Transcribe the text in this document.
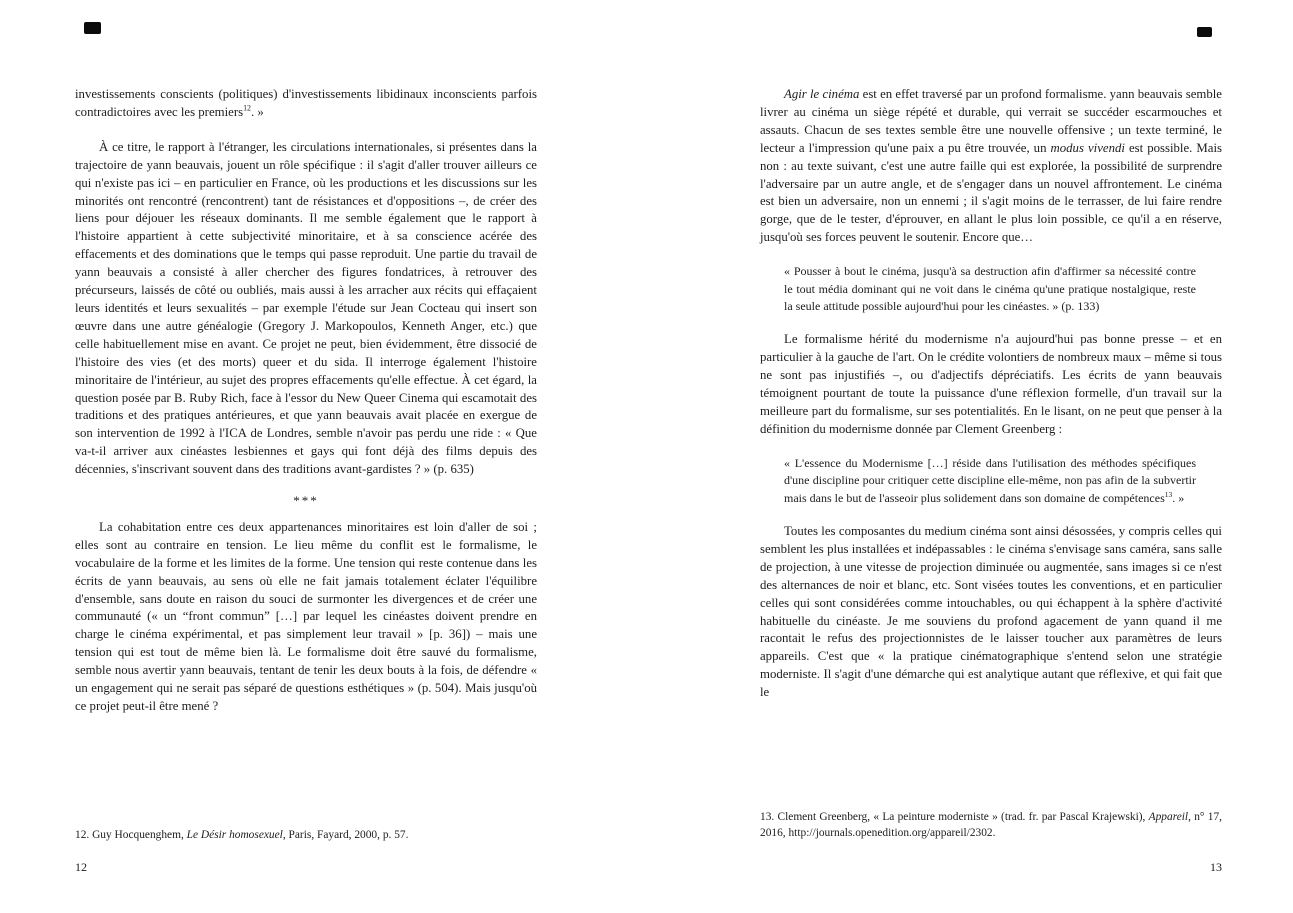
investissements conscients (politiques) d'investissements libidinaux inconscients parfois contradictoires avec les premiers$^{12}$. »

À ce titre, le rapport à l'étranger, les circulations internationales, si présentes dans la trajectoire de yann beauvais, jouent un rôle spécifique : il s'agit d'aller trouver ailleurs ce qui n'existe pas ici – en particulier en France, où les productions et les discussions sur les minorités ont rencontré (rencontrent) tant de résistances et d'oppositions –, de créer des liens pour déjouer les réseaux dominants. Il me semble également que le rapport à l'histoire appartient à cette subjectivité minoritaire, et à sa conscience acérée des effacements et des dominations que le temps qui passe reproduit. Une partie du travail de yann beauvais a consisté à aller chercher des figures fondatrices, à retrouver des précurseurs, laissés de côté ou oubliés, mais aussi à les arracher aux récits qui effaçaient leurs identités et leurs sexualités – par exemple l'étude sur Jean Cocteau qui insert son œuvre dans une autre généalogie (Gregory J. Markopoulos, Kenneth Anger, etc.) que celle habituellement mise en avant. Ce projet ne peut, bien évidemment, être dissocié de l'histoire des vies (et des morts) queer et du sida. Il interroge également l'histoire minoritaire de l'intérieur, au sujet des propres effacements qu'elle effectue. À cet égard, la question posée par B. Ruby Rich, face à l'essor du New Queer Cinema qui escamotait des traditions et des pratiques antérieures, et que yann beauvais avait placée en exergue de son intervention de 1992 à l'ICA de Londres, semble n'avoir pas perdu une ride : « Que va-t-il arriver aux cinéastes lesbiennes et gays qui font déjà des films depuis des décennies, s'inscrivant souvent dans des traditions avant-gardistes ? » (p. 635)

***

La cohabitation entre ces deux appartenances minoritaires est loin d'aller de soi ; elles sont au contraire en tension. Le lieu même du conflit est le formalisme, le vocabulaire de la forme et les limites de la forme. Une tension qui reste contenue dans les écrits de yann beauvais, au sens où elle ne fait jamais totalement éclater l'équilibre d'ensemble, sans doute en raison du souci de surmonter les divergences et de créer une communauté (« un “front commun” […] par lequel les cinéastes doivent prendre en charge le cinéma expérimental, et pas simplement leur travail » [p. 36]) – mais une tension qui est tout de même bien là. Le formalisme doit être sauvé du formalisme, semble nous avertir yann beauvais, tentant de tenir les deux bouts à la fois, de défendre « un engagement qui ne serait pas séparé de questions esthétiques » (p. 504). Mais jusqu'où ce projet peut-il être mené ?

Agir le cinéma est en effet traversé par un profond formalisme. yann beauvais semble livrer au cinéma un siège répété et durable, qui verrait se succéder escarmouches et assauts. Chacun de ses textes semble être une nouvelle offensive ; un texte terminé, le lecteur a l'impression qu'une paix a pu être trouvée, un modus vivendi est possible. Mais non : au texte suivant, c'est une autre faille qui est explorée, la possibilité de surprendre l'adversaire par un autre angle, et de s'engager dans un nouvel affrontement. Le cinéma est bien un adversaire, non un ennemi ; il s'agit moins de le terrasser, de lui faire rendre gorge, que de le tester, d'éprouver, en allant le plus loin possible, ce qu'il a en réserve, jusqu'où ses forces peuvent le soutenir. Encore que…

« Pousser à bout le cinéma, jusqu'à sa destruction afin d'affirmer sa nécessité contre le tout média dominant qui ne voit dans le cinéma qu'une pratique nostalgique, reste la seule attitude possible aujourd'hui pour les cinéastes. » (p. 133)

Le formalisme hérité du modernisme n'a aujourd'hui pas bonne presse – et en particulier à la gauche de l'art. On le crédite volontiers de nombreux maux – même si tous ne sont pas injustifiés –, ou d'adjectifs dépréciatifs. Les écrits de yann beauvais témoignent pourtant de toute la puissance d'une réflexion formelle, d'un travail sur la meilleure part du formalisme, sur ses potentialités. En le lisant, on ne peut que penser à la définition du modernisme donnée par Clement Greenberg :

« L'essence du Modernisme […] réside dans l'utilisation des méthodes spécifiques d'une discipline pour critiquer cette discipline elle-même, non pas afin de la subvertir mais dans le but de l'asseoir plus solidement dans son domaine de compétences$^{13}$. »

Toutes les composantes du medium cinéma sont ainsi désossées, y compris celles qui semblent les plus installées et indépassables : le cinéma s'envisage sans caméra, sans salle de projection, à une vitesse de projection diminuée ou augmentée, sans images si ce n'est des alternances de noir et blanc, etc. Sont visées toutes les conventions, et en particulier celles qui sont considérées comme intouchables, ou qui échappent à la sphère d'activité habituelle du cinéaste. Je me souviens du profond agacement de yann quand il me racontait le refus des projectionnistes de le laisser toucher aux paramètres de leurs appareils. C'est que « la pratique cinématographique s'entend selon une stratégie moderniste. Il s'agit d'une démarche qui est analytique autant que réflexive, et qui fait que le

12. Guy Hocquenghem, Le Désir homosexuel, Paris, Fayard, 2000, p. 57.
13. Clement Greenberg, « La peinture moderniste » (trad. fr. par Pascal Krajewski), Appareil, n° 17, 2016, http://journals.openedition.org/appareil/2302.
12	13
